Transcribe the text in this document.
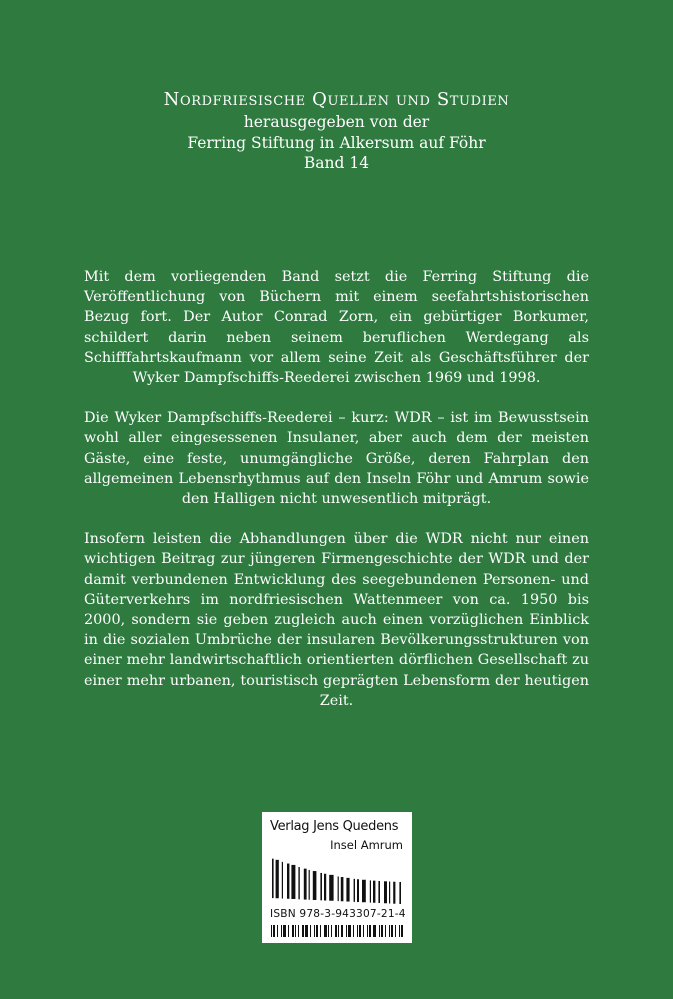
Nordfriesische Quellen und Studien
herausgegeben von der
Ferring Stiftung in Alkersum auf Föhr
Band 14

Mit dem vorliegenden Band setzt die Ferring Stiftung die Veröffentlichung von Büchern mit einem seefahrtshistorischen Bezug fort. Der Autor Conrad Zorn, ein gebürtiger Borkumer, schildert darin neben seinem beruflichen Werdegang als Schifffahrtskaufmann vor allem seine Zeit als Geschäftsführer der Wyker Dampfschiffs-Reederei zwischen 1969 und 1998.

Die Wyker Dampfschiffs-Reederei – kurz: WDR – ist im Bewusstsein wohl aller eingesessenen Insulaner, aber auch dem der meisten Gäste, eine feste, unumgängliche Größe, deren Fahrplan den allgemeinen Lebensrhythmus auf den Inseln Föhr und Amrum sowie den Halligen nicht unwesentlich mitprägt.

Insofern leisten die Abhandlungen über die WDR nicht nur einen wichtigen Beitrag zur jüngeren Firmengeschichte der WDR und der damit verbundenen Entwicklung des seegebundenen Personen- und Güterverkehrs im nordfriesischen Wattenmeer von ca. 1950 bis 2000, sondern sie geben zugleich auch einen vorzüglichen Einblick in die sozialen Umbrüche der insularen Bevölkerungsstrukturen von einer mehr landwirtschaftlich orientierten dörflichen Gesellschaft zu einer mehr urbanen, touristisch geprägten Lebensform der heutigen Zeit.

Verlag Jens Quedens
Insel Amrum
ISBN 978-3-943307-21-4
